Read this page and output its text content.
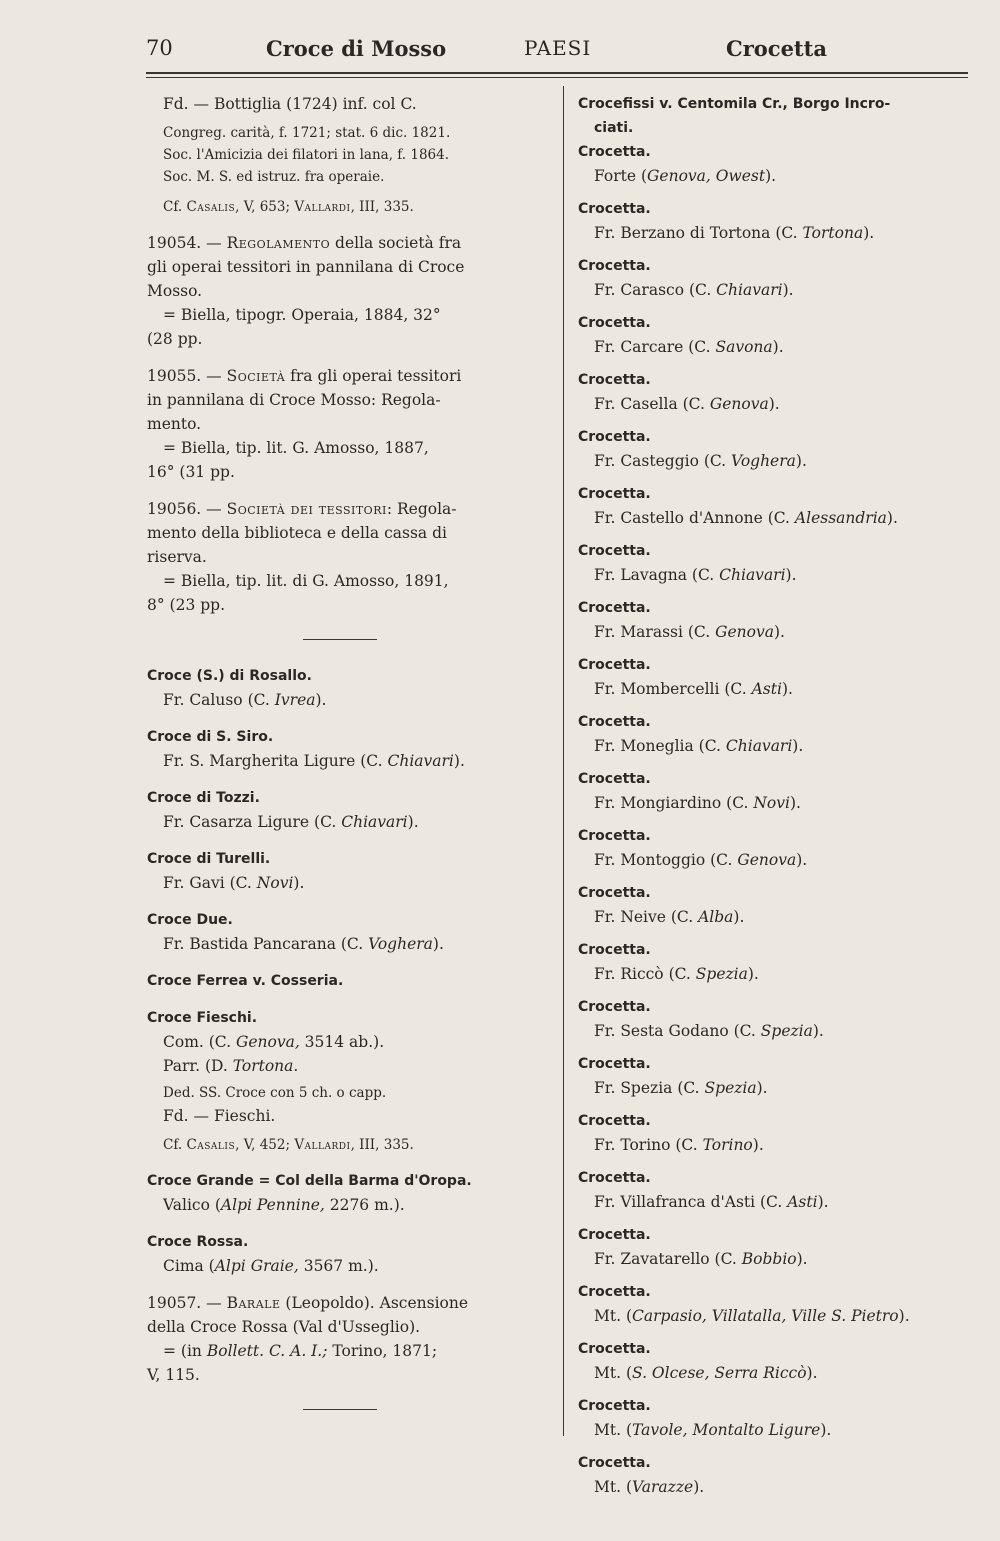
70	Croce di Mosso	PAESI	Crocetta
Fd. — Bottiglia (1724) inf. col C.
Congreg. carità, f. 1721; stat. 6 dic. 1821.
Soc. l'Amicizia dei filatori in lana, f. 1864.
Soc. M. S. ed istruz. fra operaie.
Cf. Casalis, V, 653; Vallardi, III, 335.
19054. — Regolamento della società fra
gli operai tessitori in pannilana di Croce
Mosso.
= Biella, tipogr. Operaia, 1884, 32°
(28 pp.
19055. — Società fra gli operai tessitori
in pannilana di Croce Mosso: Regola-
mento.
= Biella, tip. lit. G. Amosso, 1887,
16° (31 pp.
19056. — Società dei tessitori: Regola-
mento della biblioteca e della cassa di
riserva.
= Biella, tip. lit. di G. Amosso, 1891,
8° (23 pp.
Croce (S.) di Rosallo.
Fr. Caluso (C. Ivrea).
Croce di S. Siro.
Fr. S. Margherita Ligure (C. Chiavari).
Croce di Tozzi.
Fr. Casarza Ligure (C. Chiavari).
Croce di Turelli.
Fr. Gavi (C. Novi).
Croce Due.
Fr. Bastida Pancarana (C. Voghera).
Croce Ferrea v. Cosseria.
Croce Fieschi.
Com. (C. Genova, 3514 ab.).
Parr. (D. Tortona.
Ded. SS. Croce con 5 ch. o capp.
Fd. — Fieschi.
Cf. Casalis, V, 452; Vallardi, III, 335.
Croce Grande = Col della Barma d'Oropa.
Valico (Alpi Pennine, 2276 m.).
Croce Rossa.
Cima (Alpi Graie, 3567 m.).
19057. — Barale (Leopoldo). Ascensione
della Croce Rossa (Val d'Usseglio).
= (in Bollett. C. A. I.; Torino, 1871;
V, 115.
Crocefissi v. Centomila Cr., Borgo Incro-
ciati.
Crocetta.
Forte (Genova, Owest).
Crocetta.
Fr. Berzano di Tortona (C. Tortona).
Crocetta.
Fr. Carasco (C. Chiavari).
Crocetta.
Fr. Carcare (C. Savona).
Crocetta.
Fr. Casella (C. Genova).
Crocetta.
Fr. Casteggio (C. Voghera).
Crocetta.
Fr. Castello d'Annone (C. Alessandria).
Crocetta.
Fr. Lavagna (C. Chiavari).
Crocetta.
Fr. Marassi (C. Genova).
Crocetta.
Fr. Mombercelli (C. Asti).
Crocetta.
Fr. Moneglia (C. Chiavari).
Crocetta.
Fr. Mongiardino (C. Novi).
Crocetta.
Fr. Montoggio (C. Genova).
Crocetta.
Fr. Neive (C. Alba).
Crocetta.
Fr. Riccò (C. Spezia).
Crocetta.
Fr. Sesta Godano (C. Spezia).
Crocetta.
Fr. Spezia (C. Spezia).
Crocetta.
Fr. Torino (C. Torino).
Crocetta.
Fr. Villafranca d'Asti (C. Asti).
Crocetta.
Fr. Zavatarello (C. Bobbio).
Crocetta.
Mt. (Carpasio, Villatalla, Ville S. Pietro).
Crocetta.
Mt. (S. Olcese, Serra Riccò).
Crocetta.
Mt. (Tavole, Montalto Ligure).
Crocetta.
Mt. (Varazze).
